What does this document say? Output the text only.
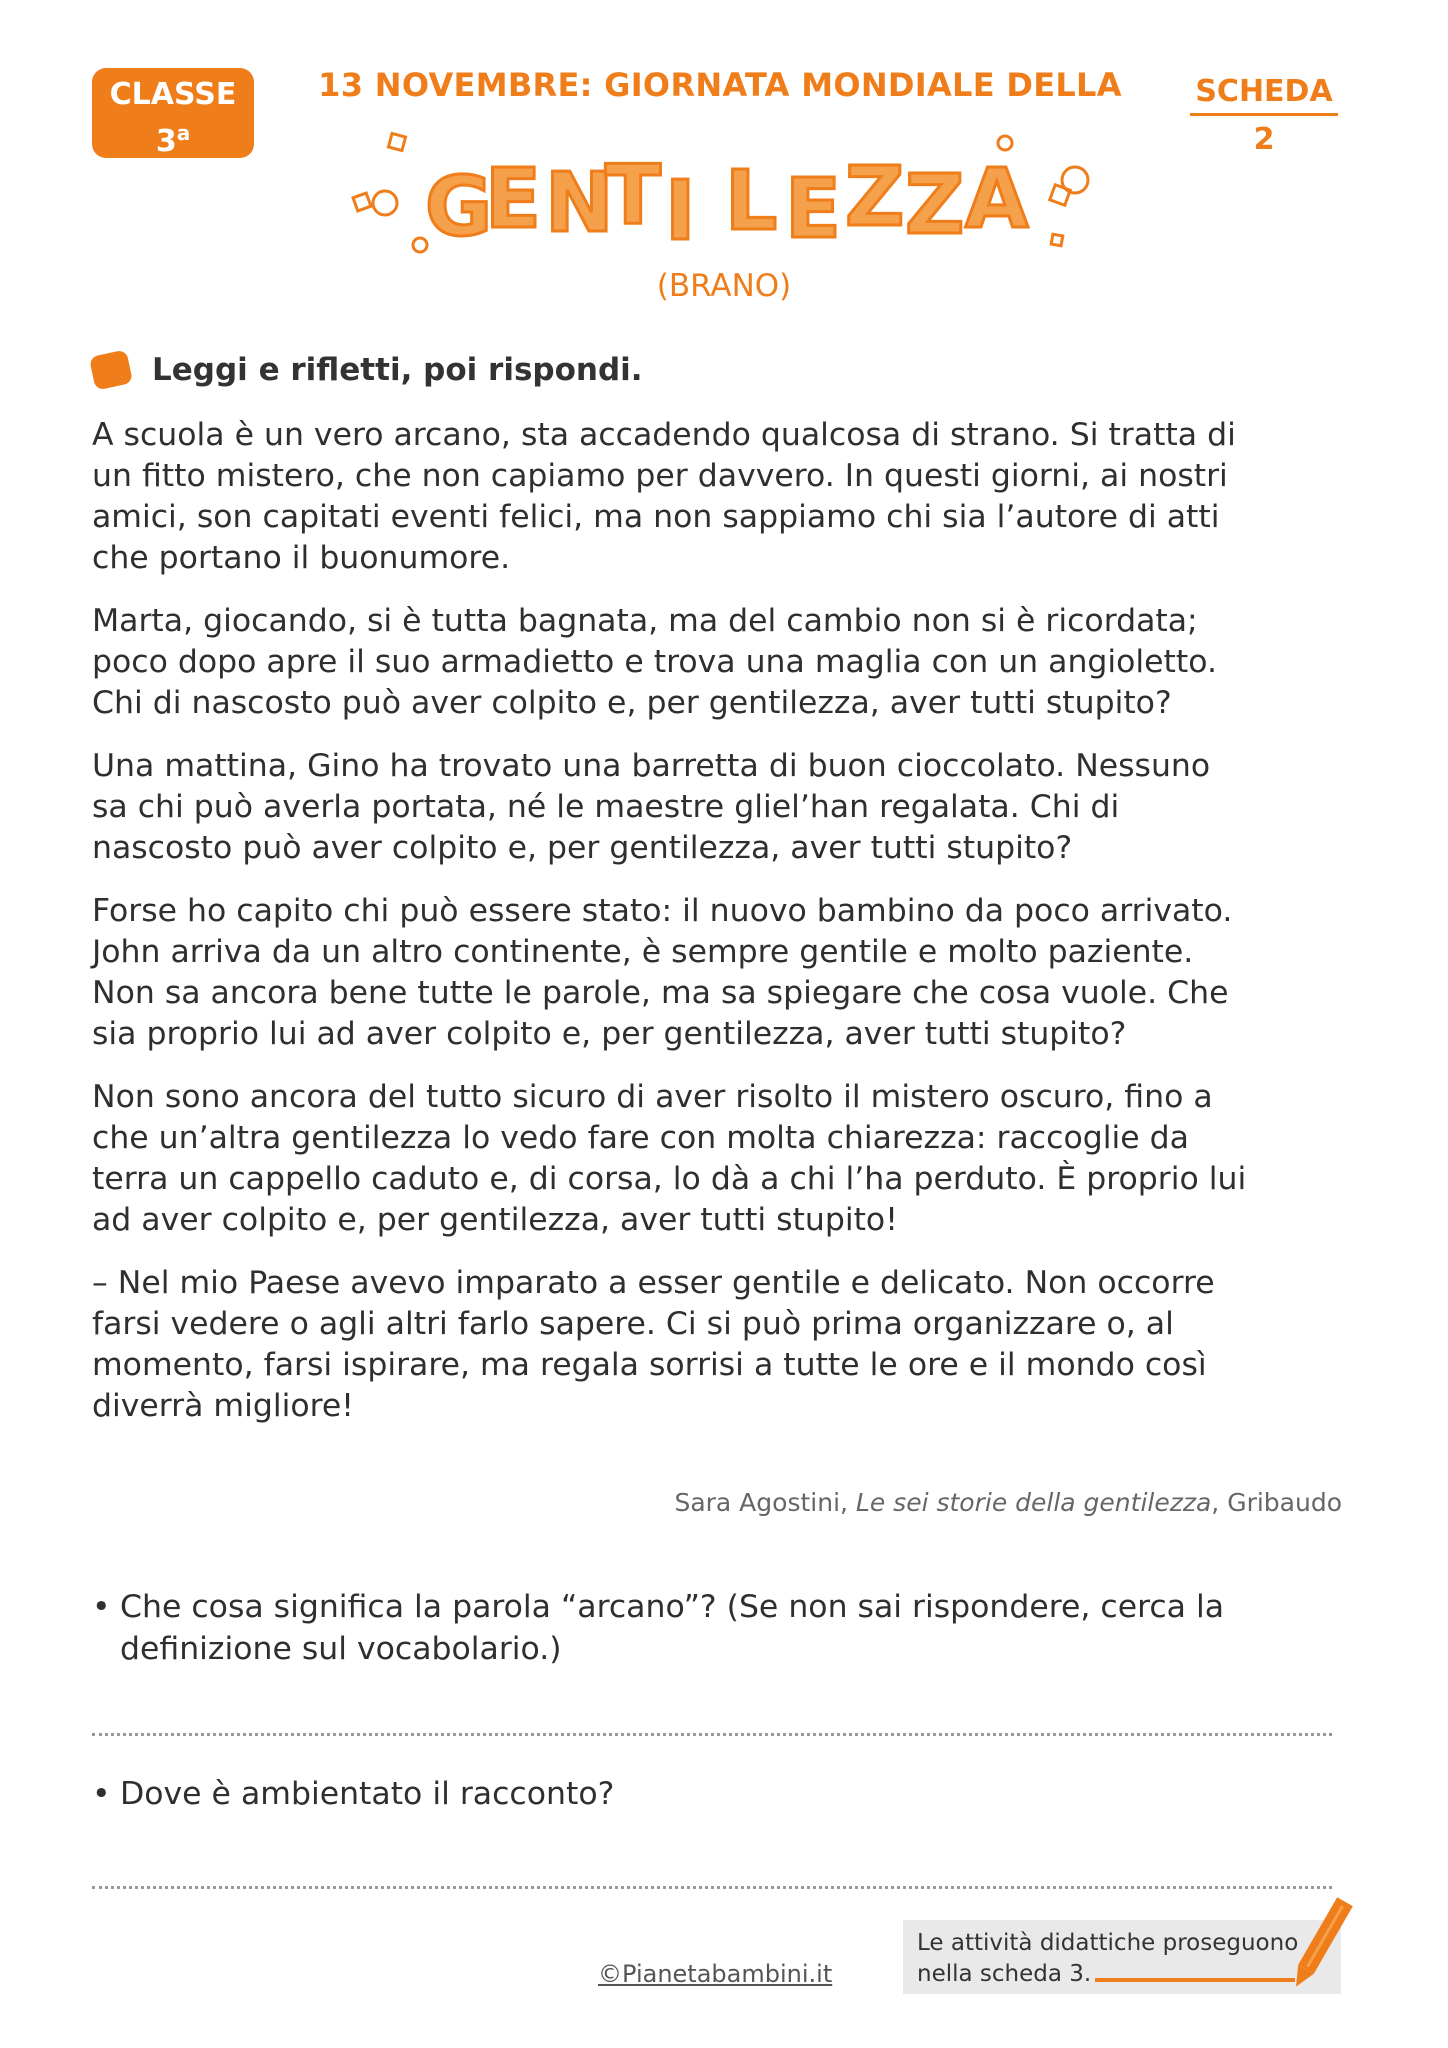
CLASSE
3$^a$
13 NOVEMBRE: GIORNATA MONDIALE DELLA	SCHEDA
2
G
E N
T I L E Z Z A
(BRANO)
Leggi e rifletti, poi rispondi.

A scuola è un vero arcano, sta accadendo qualcosa di strano. Si tratta di
un fitto mistero, che non capiamo per davvero. In questi giorni, ai nostri
amici, son capitati eventi felici, ma non sappiamo chi sia l’autore di atti
che portano il buonumore.

Marta, giocando, si è tutta bagnata, ma del cambio non si è ricordata;
poco dopo apre il suo armadietto e trova una maglia con un angioletto.
Chi di nascosto può aver colpito e, per gentilezza, aver tutti stupito?

Una mattina, Gino ha trovato una barretta di buon cioccolato. Nessuno
sa chi può averla portata, né le maestre gliel’han regalata. Chi di
nascosto può aver colpito e, per gentilezza, aver tutti stupito?

Forse ho capito chi può essere stato: il nuovo bambino da poco arrivato.
John arriva da un altro continente, è sempre gentile e molto paziente.
Non sa ancora bene tutte le parole, ma sa spiegare che cosa vuole. Che
sia proprio lui ad aver colpito e, per gentilezza, aver tutti stupito?

Non sono ancora del tutto sicuro di aver risolto il mistero oscuro, fino a
che un’altra gentilezza lo vedo fare con molta chiarezza: raccoglie da
terra un cappello caduto e, di corsa, lo dà a chi l’ha perduto. È proprio lui
ad aver colpito e, per gentilezza, aver tutti stupito!

– Nel mio Paese avevo imparato a esser gentile e delicato. Non occorre
farsi vedere o agli altri farlo sapere. Ci si può prima organizzare o, al
momento, farsi ispirare, ma regala sorrisi a tutte le ore e il mondo così
diverrà migliore!

Sara Agostini, Le sei storie della gentilezza, Gribaudo
• Che cosa significa la parola “arcano”? (Se non sai rispondere, cerca la
definizione sul vocabolario.)
• Dove è ambientato il racconto?
©Pianetabambini.it
Le attività didattiche proseguono
nella scheda 3.
